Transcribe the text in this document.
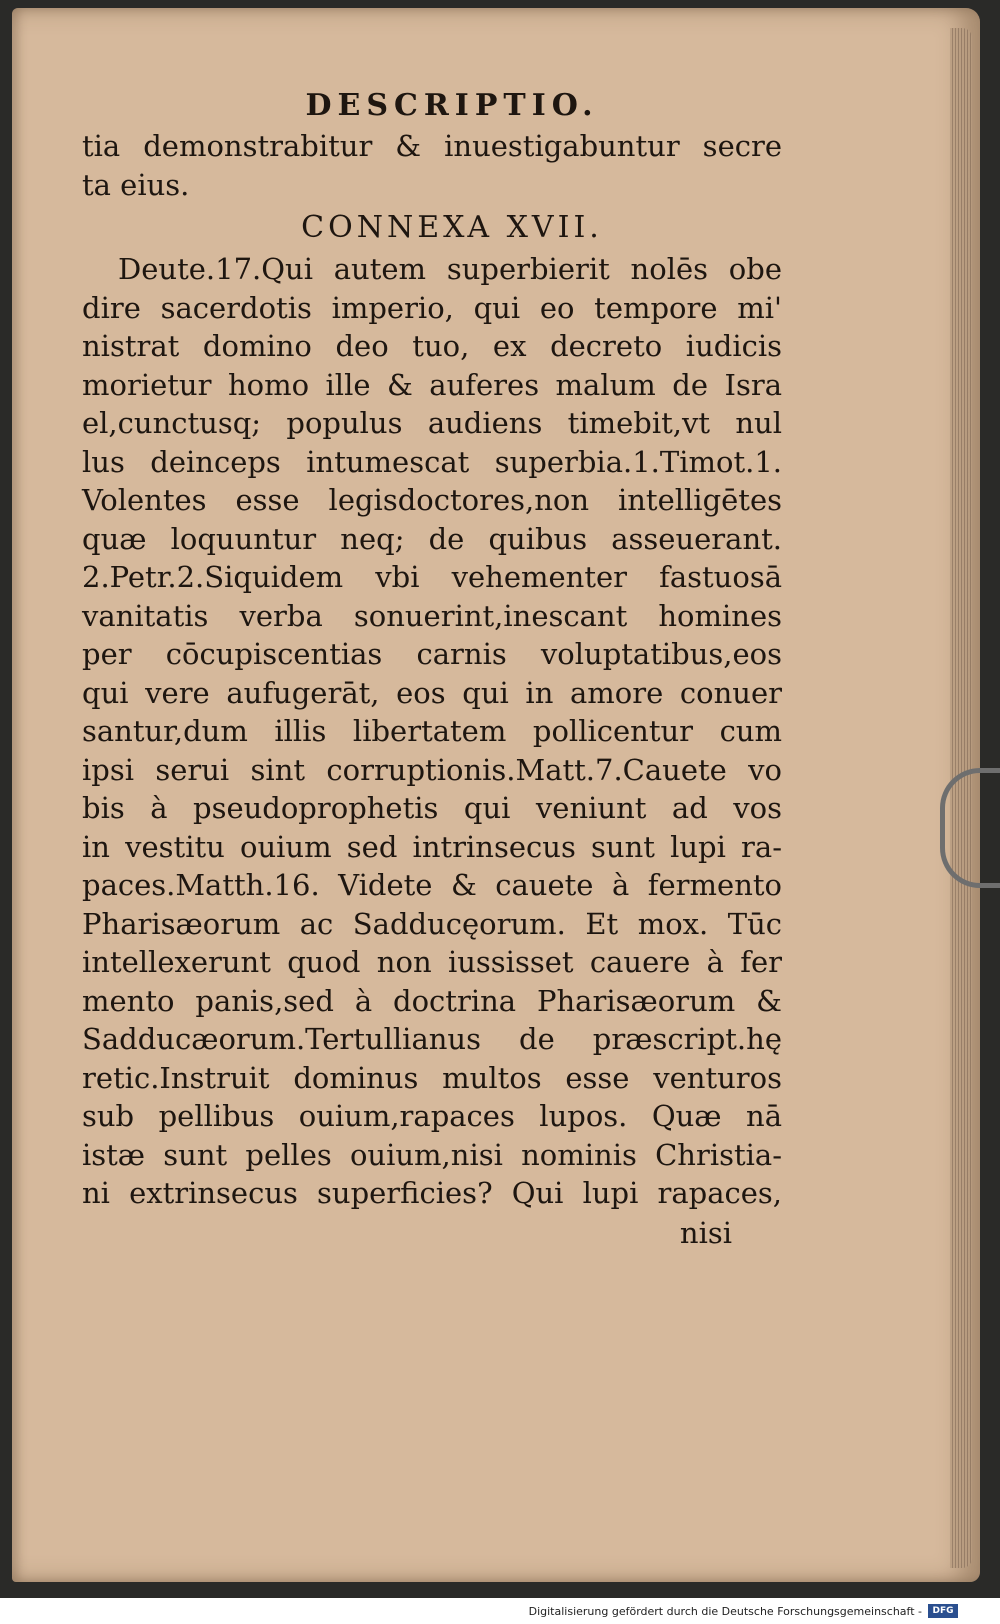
DESCRIPTIO.
tia demonstrabitur & inuestigabuntur secre
ta eius.
CONNEXA XVII.
Deute.17.Qui autem superbierit nolēs obe
dire sacerdotis imperio, qui eo tempore mi'
nistrat domino deo tuo, ex decreto iudicis
morietur homo ille & auferes malum de Isra
el,cunctusq; populus audiens timebit,vt nul
lus deinceps intumescat superbia.1.Timot.1.
Volentes esse legisdoctores,non intelligētes
quæ loquuntur neq; de quibus asseuerant.
2.Petr.2.Siquidem vbi vehementer fastuosā
vanitatis verba sonuerint,inescant homines
per cōcupiscentias carnis voluptatibus,eos
qui vere aufugerāt, eos qui in amore conuer
santur,dum illis libertatem pollicentur cum
ipsi serui sint corruptionis.Matt.7.Cauete vo
bis à pseudoprophetis qui veniunt ad vos
in vestitu ouium sed intrinsecus sunt lupi ra-
paces.Matth.16. Videte & cauete à fermento
Pharisæorum ac Sadducęorum. Et mox. Tūc
intellexerunt quod non iussisset cauere à fer
mento panis,sed à doctrina Pharisæorum &
Sadducæorum.Tertullianus de præscript.hę
retic.Instruit dominus multos esse venturos
sub pellibus ouium,rapaces lupos. Quæ nā
istæ sunt pelles ouium,nisi nominis Christia-
ni extrinsecus superficies? Qui lupi rapaces,
nisi
Digitalisierung gefördert durch die Deutsche Forschungsgemeinschaft -	DFG
